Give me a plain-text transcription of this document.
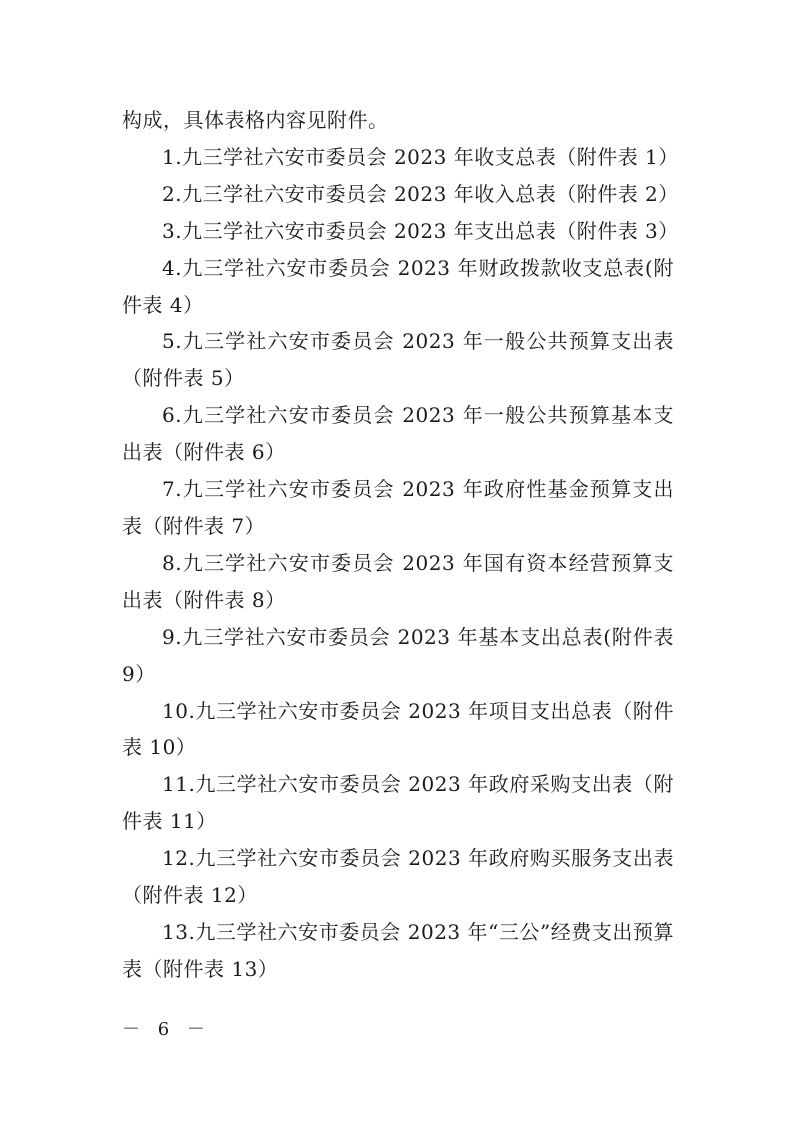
构成，具体表格内容见附件。

1.九三学社六安市委员会 2023 年收支总表（附件表 1）

2.九三学社六安市委员会 2023 年收入总表（附件表 2）

3.九三学社六安市委员会 2023 年支出总表（附件表 3）

4.九三学社六安市委员会 2023 年财政拨款收支总表(附件表 4）

5.九三学社六安市委员会 2023 年一般公共预算支出表（附件表 5）

6.九三学社六安市委员会 2023 年一般公共预算基本支出表（附件表 6）

7.九三学社六安市委员会 2023 年政府性基金预算支出表（附件表 7）

8.九三学社六安市委员会 2023 年国有资本经营预算支出表（附件表 8）

9.九三学社六安市委员会 2023 年基本支出总表(附件表 9）

10.九三学社六安市委员会 2023 年项目支出总表（附件表 10）

11.九三学社六安市委员会 2023 年政府采购支出表（附件表 11）

12.九三学社六安市委员会 2023 年政府购买服务支出表（附件表 12）

13.九三学社六安市委员会 2023 年“三公”经费支出预算表（附件表 13）

－ 6 －
